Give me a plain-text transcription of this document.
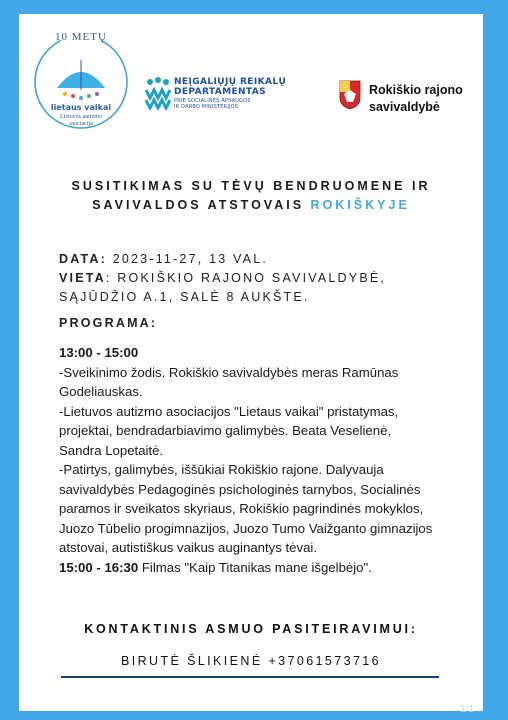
10 METŲ
lietaus vaikai
Lietuvos autizmo
asociacija
NEĮGALIŲJŲ REIKALŲ
DEPARTAMENTAS
PRIE SOCIALINĖS APSAUGOS
IR DARBO MINISTERIJOS
Rokiškio rajono
savivaldybė
SUSITIKIMAS SU TĖVŲ BENDRUOMENE IR
SAVIVALDOS ATSTOVAIS ROKIŠKYJE
DATA: 2023-11-27, 13 VAL.
VIETA: ROKIŠKIO RAJONO SAVIVALDYBĖ,
SĄJŪDŽIO A.1, SALĖ 8 AUKŠTE.
PROGRAMA:
13:00 - 15:00
-Sveikinimo žodis. Rokiškio savivaldybės meras Ramūnas
Godeliauskas.
-Lietuvos autizmo asociacijos "Lietaus vaikai" pristatymas,
projektai, bendradarbiavimo galimybės. Beata Veselienė,
Sandra Lopetaitė.
-Patirtys, galimybės, iššūkiai Rokiškio rajone. Dalyvauja
savivaldybės Pedagoginės psichologinės tarnybos, Socialinės
paramos ir sveikatos skyriaus, Rokiškio pagrindinės mokyklos,
Juozo Tūbelio progimnazijos, Juozo Tumo Vaižganto gimnazijos
atstovai, autistiškus vaikus auginantys tėvai.
15:00 - 16:30 Filmas "Kaip Titanikas mane išgelbėjo".
KONTAKTINIS ASMUO PASITEIRAVIMUI:
BIRUTĖ ŠLIKIENĖ +37061573716
1/1
